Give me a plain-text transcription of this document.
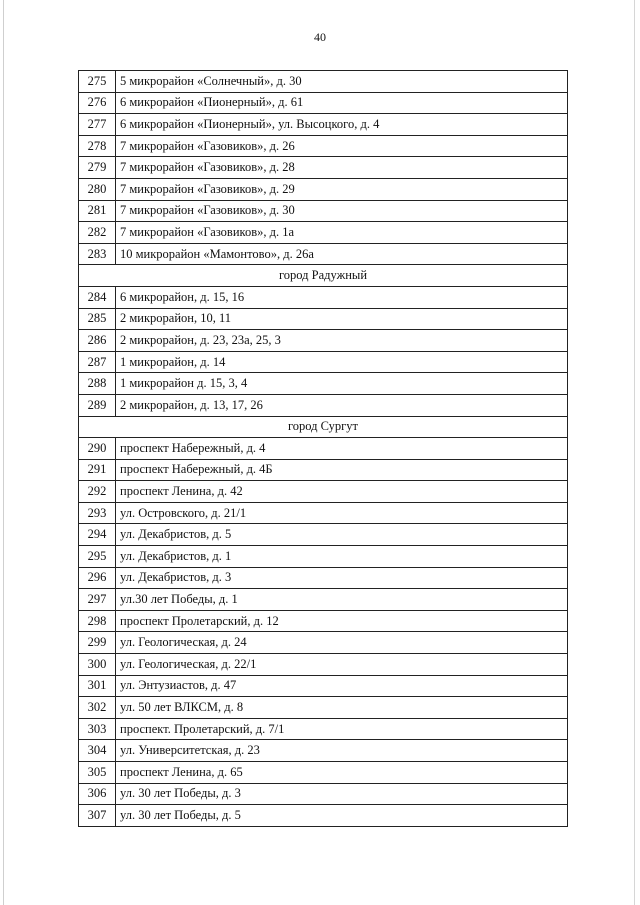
40
275	5 микрорайон «Солнечный», д. 30
276	6 микрорайон «Пионерный», д. 61
277	6 микрорайон «Пионерный», ул. Высоцкого, д. 4
278	7 микрорайон «Газовиков», д. 26
279	7 микрорайон «Газовиков», д. 28
280	7 микрорайон «Газовиков», д. 29
281	7 микрорайон «Газовиков», д. 30
282	7 микрорайон «Газовиков», д. 1а
283	10 микрорайон «Мамонтово», д. 26а
город Радужный	
284	6 микрорайон, д. 15, 16
285	2 микрорайон, 10, 11
286	2 микрорайон, д. 23, 23а, 25, 3
287	1 микрорайон, д. 14
288	1 микрорайон д. 15, 3, 4
289	2 микрорайон, д. 13, 17, 26
город Сургут	
290	проспект Набережный, д. 4
291	проспект Набережный, д. 4Б
292	проспект Ленина, д. 42
293	ул. Островского, д. 21/1
294	ул. Декабристов, д. 5
295	ул. Декабристов, д. 1
296	ул. Декабристов, д. 3
297	ул.30 лет Победы, д. 1
298	проспект Пролетарский, д. 12
299	ул. Геологическая, д. 24
300	ул. Геологическая, д. 22/1
301	ул. Энтузиастов, д. 47
302	ул. 50 лет ВЛКСМ, д. 8
303	проспект. Пролетарский, д. 7/1
304	ул. Университетская, д. 23
305	проспект Ленина, д. 65
306	ул. 30 лет Победы, д. 3
307	ул. 30 лет Победы, д. 5
